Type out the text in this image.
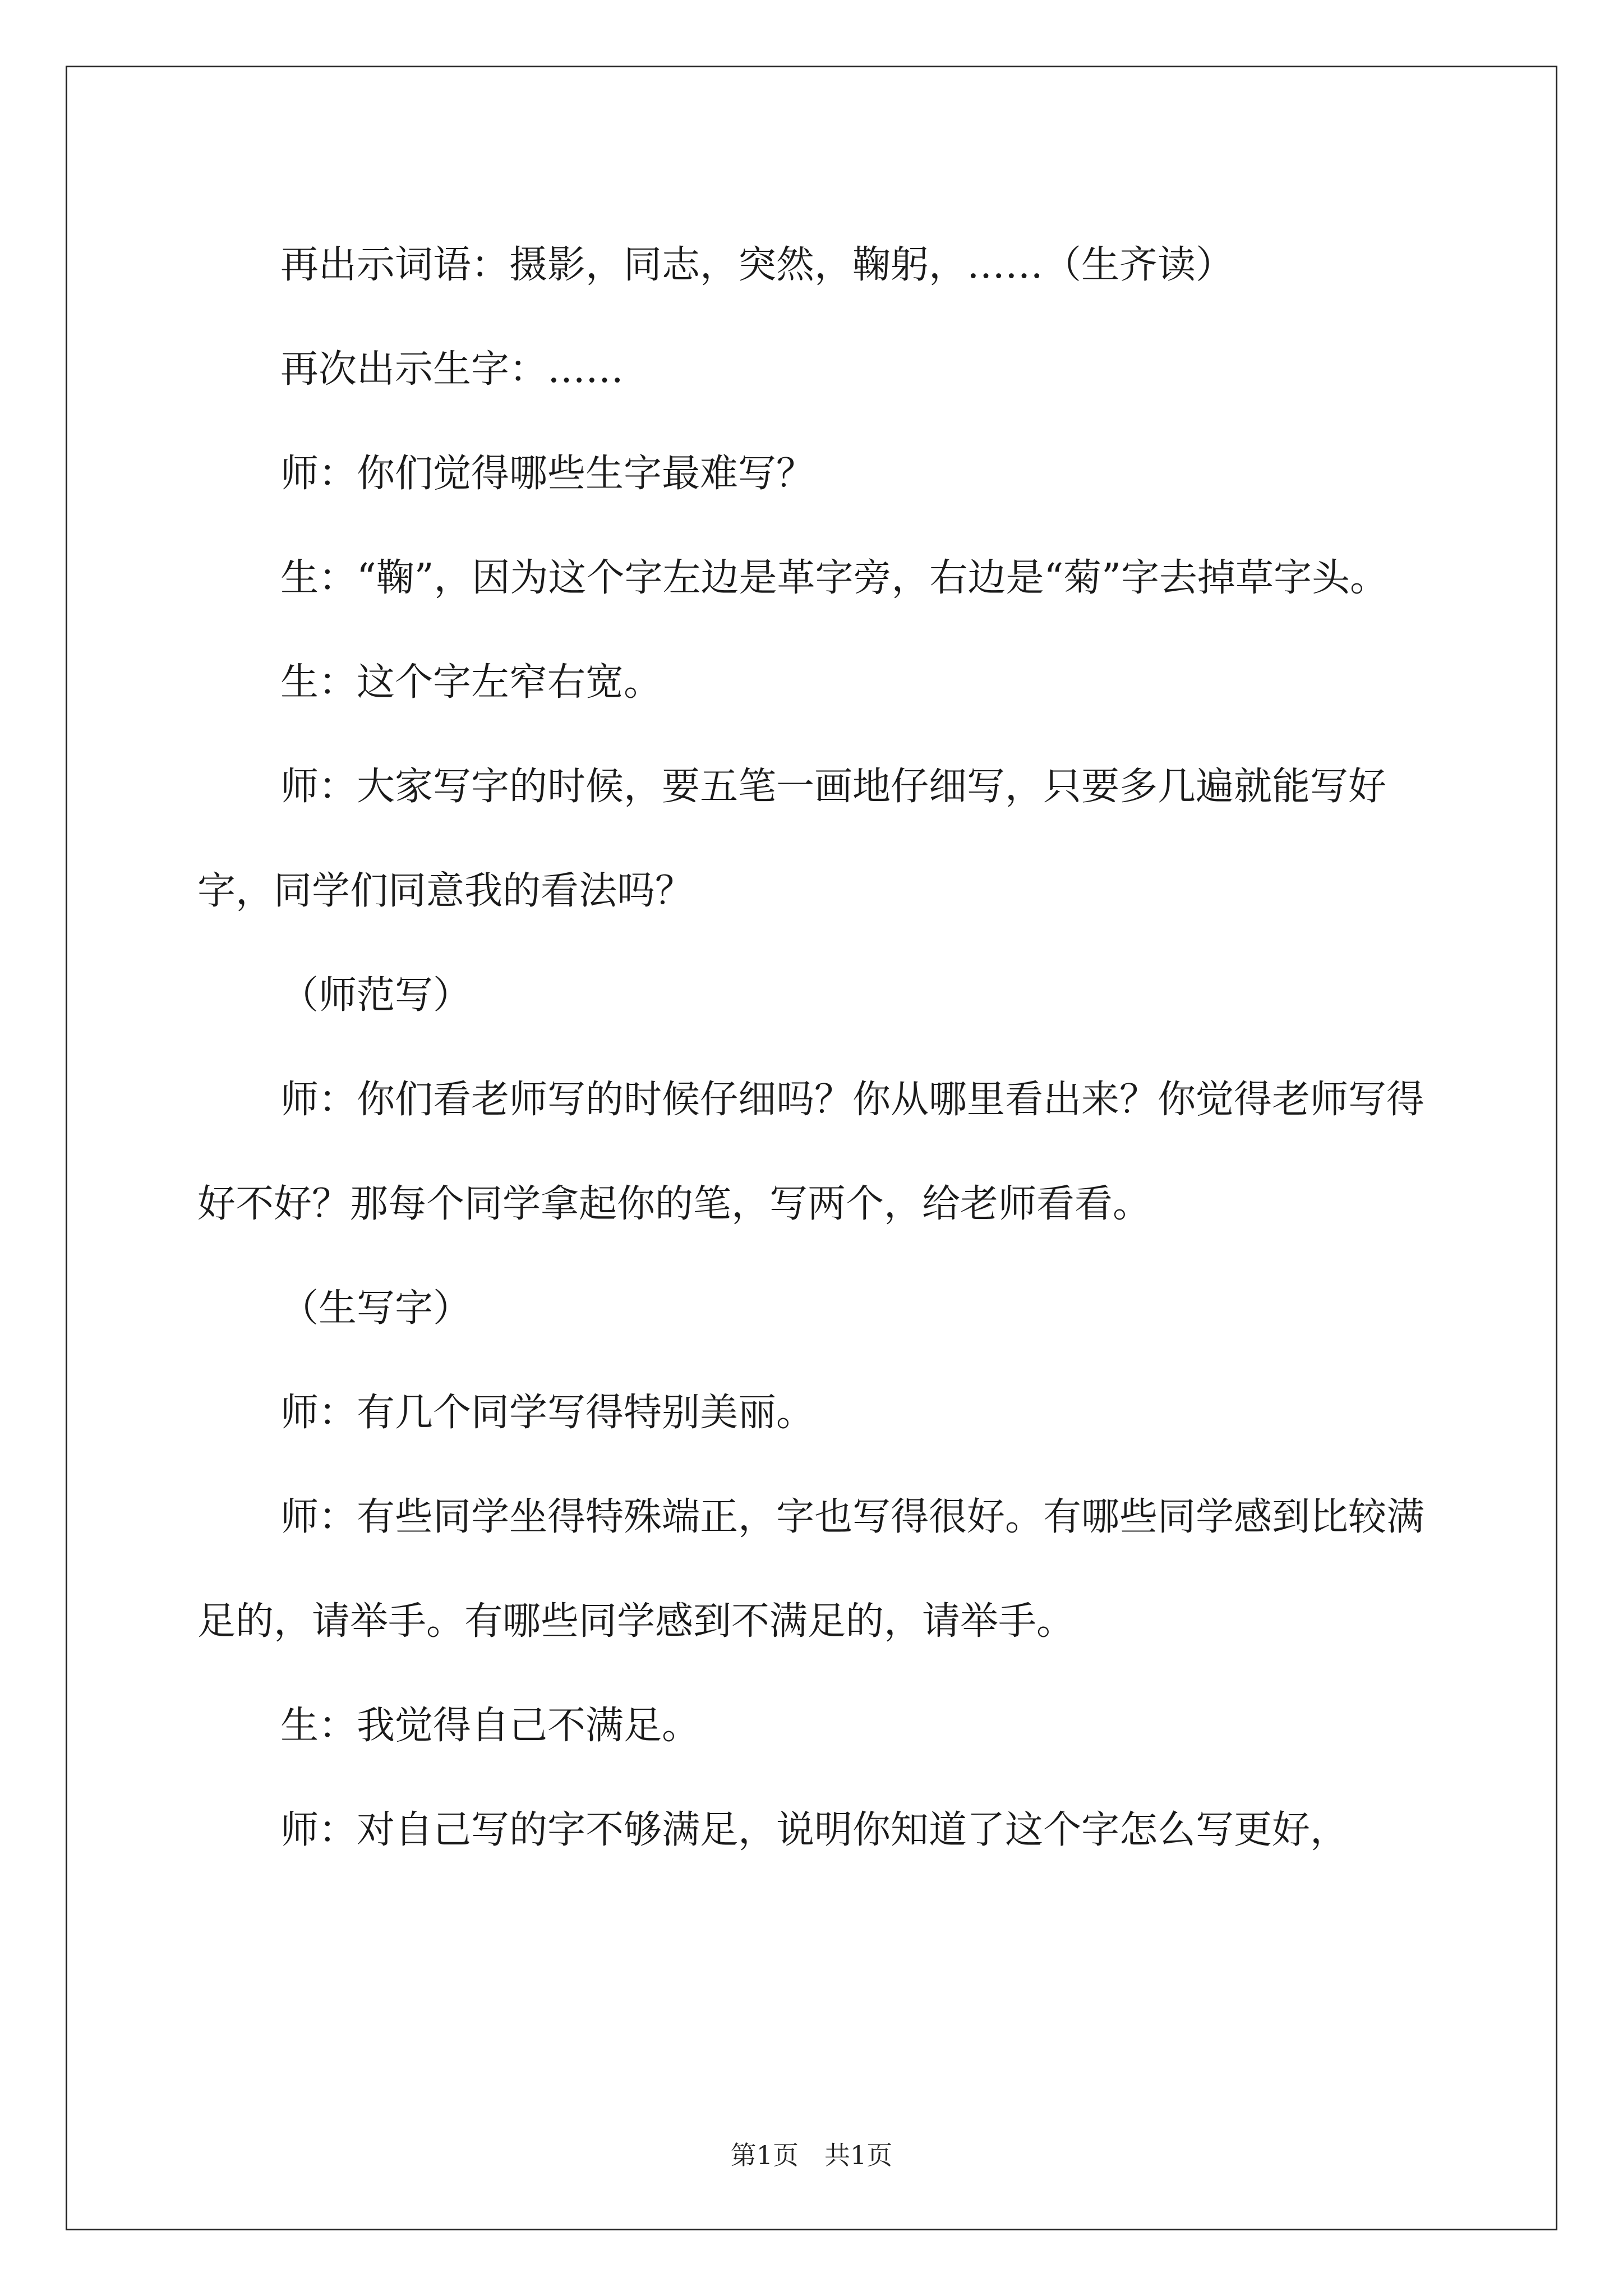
再出示词语：摄影，同志，突然，鞠躬，……（生齐读）

再次出示生字：……

师：你们觉得哪些生字最难写？

生：“鞠”，因为这个字左边是革字旁，右边是“菊”字去掉草字头。

生：这个字左窄右宽。

师：大家写字的时候，要五笔一画地仔细写，只要多几遍就能写好字，同学们同意我的看法吗？

（师范写）

师：你们看老师写的时候仔细吗？你从哪里看出来？你觉得老师写得好不好？那每个同学拿起你的笔，写两个，给老师看看。

（生写字）

师：有几个同学写得特别美丽。

师：有些同学坐得特殊端正，字也写得很好。有哪些同学感到比较满足的，请举手。有哪些同学感到不满足的，请举手。

生：我觉得自己不满足。

师：对自己写的字不够满足，说明你知道了这个字怎么写更好，

第1页　共1页
